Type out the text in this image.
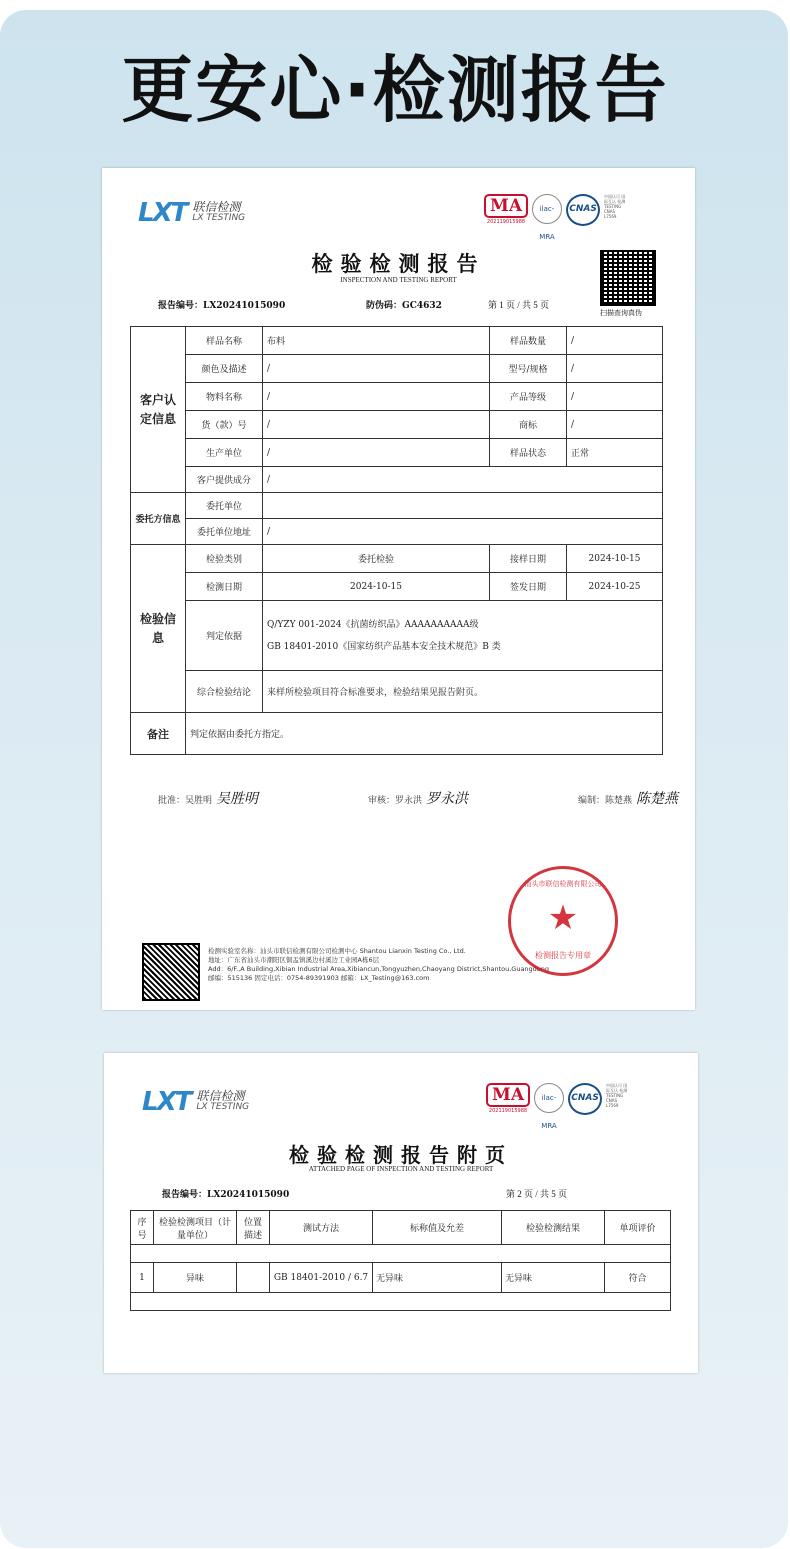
更安心·检测报告
LXT 联信检测
LX TESTING
MA
202119015988
ilac-MRA
CNAS
中国认可 国际互认 检测 TESTING CNAS L7569
检验检测报告
INSPECTION AND TESTING REPORT
扫描查询真伪
报告编号：LX20241015090	防伪码：GC4632	第 1 页 / 共 5 页
客户认定信息	样品名称	布料	样品数量	/
	颜色及描述	/	型号/规格	/
	物料名称	/	产品等级	/
	货（款）号	/	商标	/
	生产单位	/	样品状态	正常
	客户提供成分	/		
委托方信息	委托单位			
	委托单位地址	/		
检验信息	检验类别	委托检验	接样日期	2024-10-15
	检测日期	2024-10-15	签发日期	2024-10-25
	判定依据	Q/YZY 001-2024《抗菌纺织品》AAAAAAAAAA级
GB 18401-2010《国家纺织产品基本安全技术规范》B 类		

	综合检验结论	来样所检验项目符合标准要求，检验结果见报告附页。		
备注	判定依据由委托方指定。			
批准：吴胜明 吴胜明	审核：罗永洪 罗永洪	编制：陈楚燕 陈楚燕
检测实验室名称：汕头市联信检测有限公司检测中心 Shantou Lianxin Testing Co., Ltd.
地址：广东省汕头市潮阳区铜盂镇溪边村溪边工业园A栋6层
Add：6/F.,A Building,Xibian Industrial Area,Xibiancun,Tongyuzhen,Chaoyang District,Shantou,Guangdong
邮编：515136 固定电话：0754-89391903 邮箱：LX_Testing@163.com
汕头市联信检测有限公司
★
检测报告专用章
LXT 联信检测
LX TESTING
MA
202119015988
ilac-MRA
CNAS
中国认可 国际互认 检测 TESTING CNAS L7569
检验检测报告附页
ATTACHED PAGE OF INSPECTION AND TESTING REPORT
报告编号：LX20241015090	第 2 页 / 共 5 页
序号	检验检测项目（计量单位）	位置描述	测试方法	标称值及允差	检验检测结果	单项评价

1	异味		GB 18401-2010 / 6.7	无异味	无异味	符合
